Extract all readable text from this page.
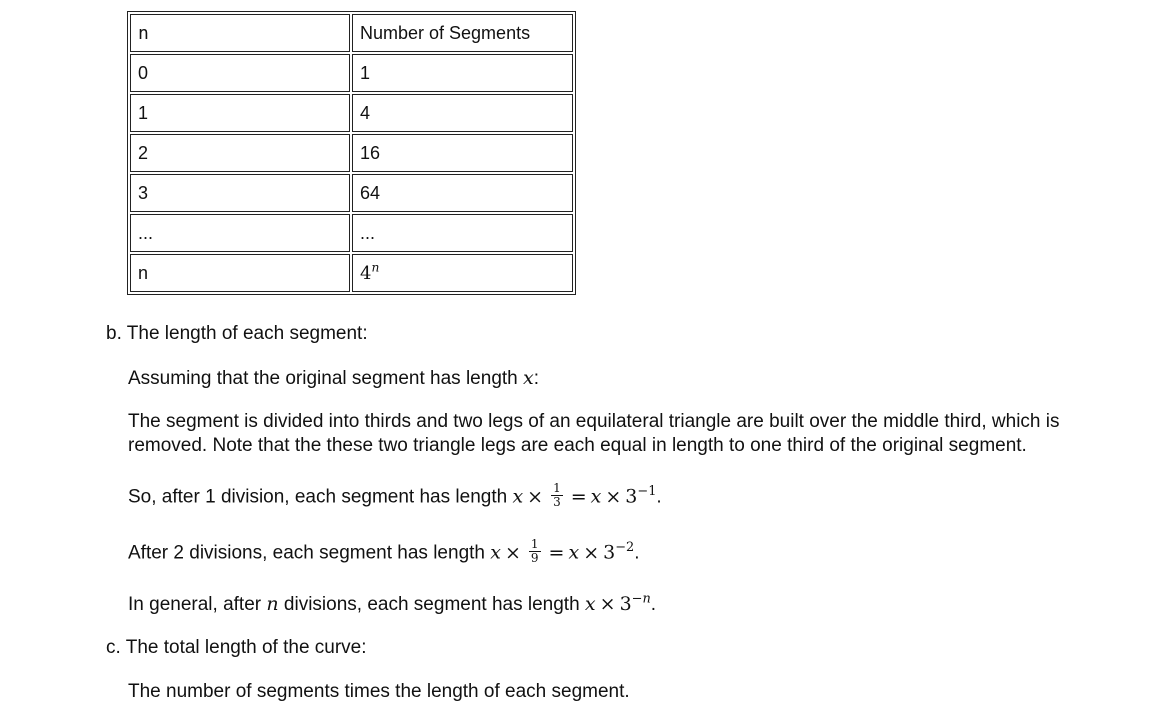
n	Number of Segments
0	1
1	4
2	16
3	64
...	...
n	4$^n$
b. The length of each segment:
Assuming that the original segment has length x:
The segment is divided into thirds and two legs of an equilateral triangle are built over the middle third, which is removed. Note that the these two triangle legs are each equal in length to one third of the original segment.
So, after 1 division, each segment has length $x \times \frac{1}{3} = x \times 3^{-1}$.
After 2 divisions, each segment has length $x \times \frac{1}{9} = x \times 3^{-2}$.
In general, after n divisions, each segment has length $x \times 3^{-n}$.
c. The total length of the curve:
The number of segments times the length of each segment.
